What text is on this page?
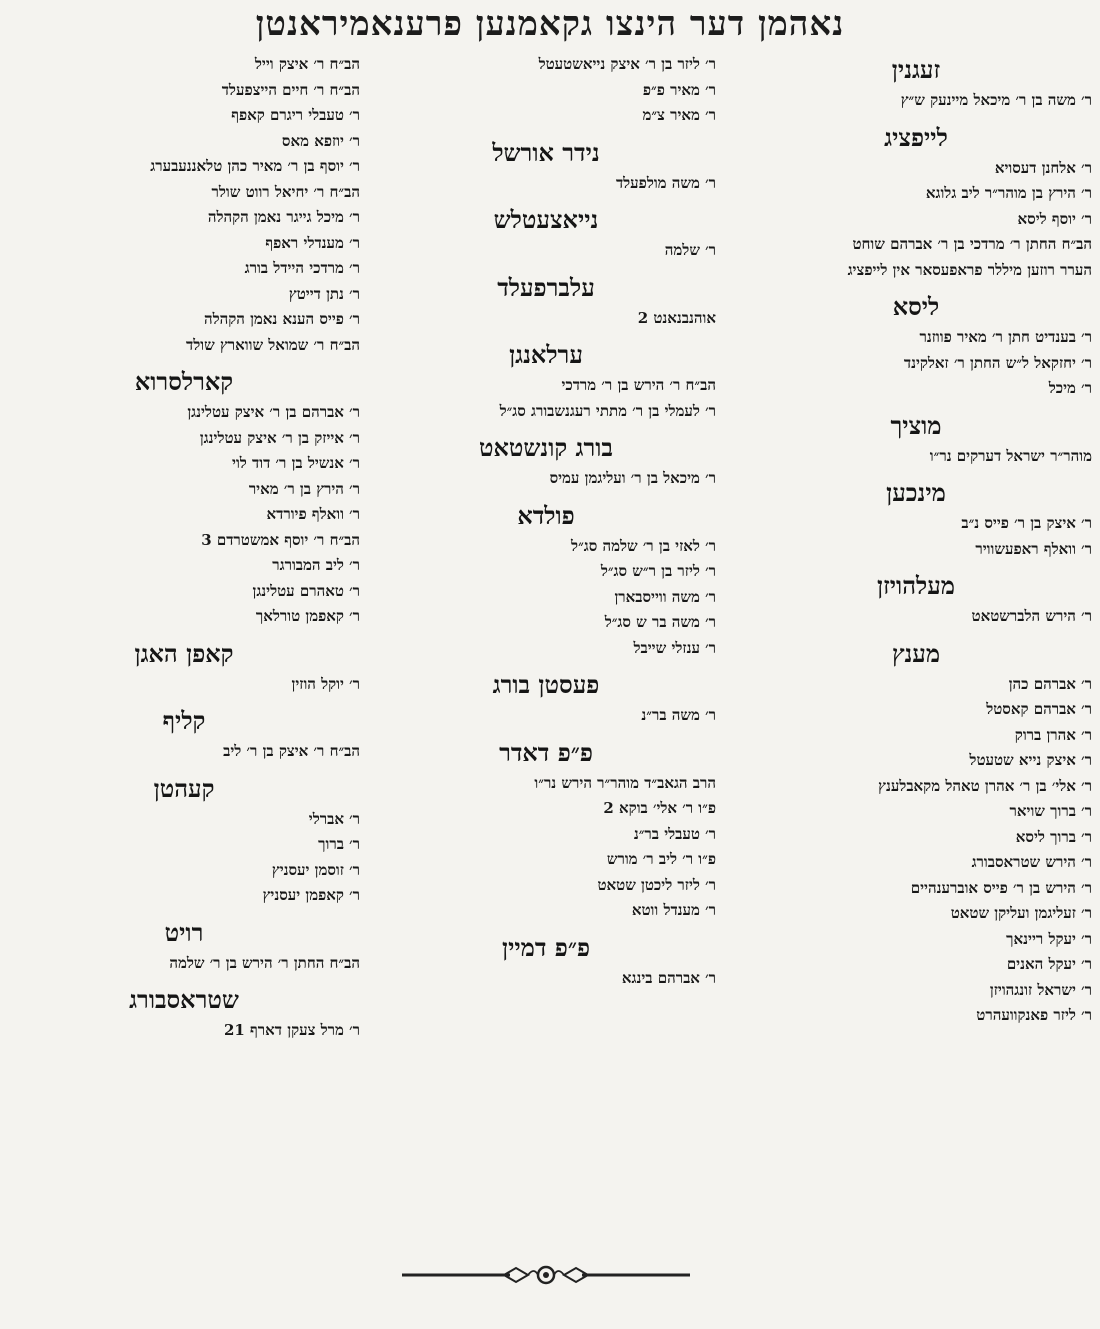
נאהמן דער הינצו גקאמנען פרענאמיראנטן
זעגנין
ר׳ משה בן ר׳ מיכאל מיינעק ש״ץ
לייפציג
ר׳ אלחנן דעסויא
ר׳ הירץ בן מוהר״ר ליב גלוגא
ר׳ יוסף ליסא
הב״ח החתן ר׳ מרדכי בן ר׳ אברהם שוחט
הערר רוזען מיללר פראפעסאר אין לייפציג
ליסא
ר׳ בענדיט חתן ר׳ מאיר פווזנר
ר׳ יחזקאל ל״ש החתן ר׳ זאלקינד
ר׳ מיכל
מוציך
מוהר״ר ישראל דערקים נר״ו
מינכען
ר׳ איצק בן ר׳ פייס נ״ב
ר׳ וואלף ראפעשוויר
מעלהויזן
ר׳ הירש הלברשטאט
מענץ
ר׳ אברהם כהן
ר׳ אברהם קאסטל
ר׳ אהרן ברוק
ר׳ איצק נייא שטעטל
ר׳ אלי׳ בן ר׳ אהרן טאהל מקאבלענץ
ר׳ ברוך שויאר
ר׳ ברוך ליסא
ר׳ הירש שטראסבורג
ר׳ הירש בן ר׳ פייס אוברענהיים
ר׳ זעליגמן ועליקן שטאט
ר׳ יעקל ריינאך
ר׳ יעקל האנים
ר׳ ישראל זונגהויזן
ר׳ ליזר פאנקוועהרט
ר׳ ליזר בן ר׳ איצק נייאשטעטל
ר׳ מאיר פ״פ
ר׳ מאיר צ״מ
נידר אורשל
ר׳ משה מולפעלד
נייאצעטלש
ר׳ שלמה
עלברפעלד
אוהנבנאנט 2
ערלאנגן
הב״ח ר׳ הירש בן ר׳ מרדכי
ר׳ לעמלי בן ר׳ מתתי רעגנשבורג סג״ל
בורג קונשטאט
ר׳ מיכאל בן ר׳ ועליגמן עמיס
פולדא
ר׳ לאזי בן ר׳ שלמה סג״ל
ר׳ ליזר בן ר״ש סג״ל
ר׳ משה ווייסבארן
ר׳ משה בר ש סג״ל
ר׳ ענזלי שייבל
פעסטן בורג
ר׳ משה בר״נ
פ״פ דאדר
הרב הגאב״ד מוהר״ר הירש נר״ו
פ״ו ר׳ אלי׳ בוקא 2
ר׳ טעבלי בר״נ
פ״ו ר׳ ליב ר׳ מורש
ר׳ ליזר ליכטן שטאט
ר׳ מענדל ווטא
פ״פ דמיין
ר׳ אברהם בינגא
הב״ח ר׳ איצק וייל
הב״ח ר׳ חיים הייצפעלד
ר׳ טעבלי ריגרם קאפף
ר׳ יוזפא מאס
ר׳ יוסף בן ר׳ מאיר כהן טלאננעבערג
הב״ח ר׳ יחיאל רווט שולר
ר׳ מיכל גייגר נאמן הקהלה
ר׳ מענדלי ראפף
ר׳ מרדכי היידל בורג
ר׳ נתן דייטץ
ר׳ פייס הענא נאמן הקהלה
הב״ח ר׳ שמואל שווארץ שולד
קארלסרוא
ר׳ אברהם בן ר׳ איצק עטלינגן
ר׳ אייזק בן ר׳ איצק עטלינגן
ר׳ אנשיל בן ר׳ דוד לוי
ר׳ הירץ בן ר׳ מאיר
ר׳ וואלף פיורדא
הב״ח ר׳ יוסף אמשטרדם 3
ר׳ ליב המבורגר
ר׳ טאהרם עטלינגן
ר׳ קאפמן טורלאך
קאפן האגן
ר׳ יוקל הוזין
קליף
הב״ח ר׳ איצק בן ר׳ ליב
קעהטן
ר׳ אברלי
ר׳ ברוך
ר׳ זוסמן יעסניץ
ר׳ קאפמן יעסניץ
רויט
הב״ח החתן ר׳ הירש בן ר׳ שלמה
שטראסבורג
ר׳ מרל צעקן דארף 21
